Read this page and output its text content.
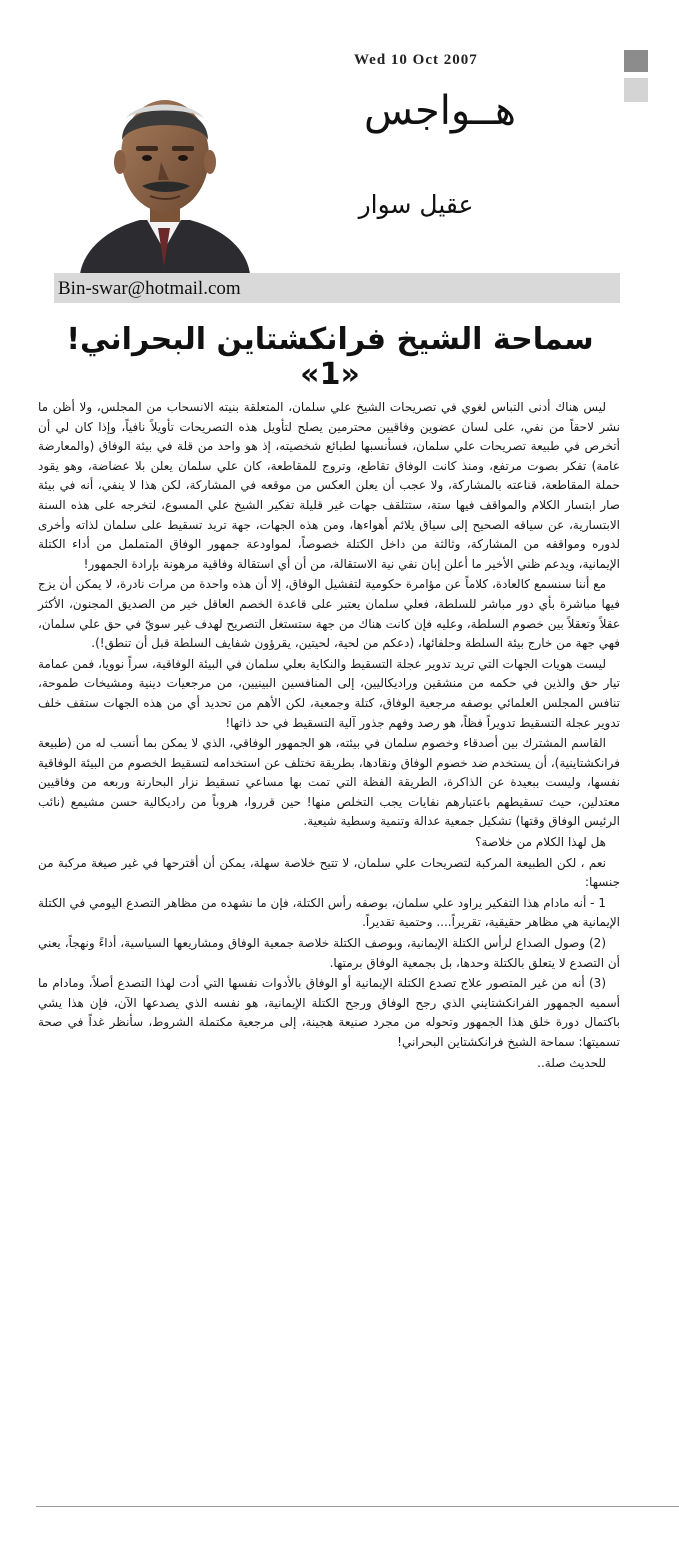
Wed 10 Oct 2007
هــواجس
عقيل سوار
Bin-swar@hotmail.com
سماحة الشيخ فرانكشتاين البحراني! «1»

ليس هناك أدنى التباس لغوي في تصريحات الشيخ علي سلمان، المتعلقة بنيته الانسحاب من المجلس، ولا أظن ما نشر لاحقاً من نفي، على لسان عضوين وفاقيين محترمين يصلح لتأويل هذه التصريحات تأويلاً نافياً، وإذا كان لي أن أتخرص في طبيعة تصريحات علي سلمان، فسأنسبها لطبائع شخصيته، إذ هو واحد من قلة في بيئة الوفاق (والمعارضة عامة) تفكر بصوت مرتفع، ومنذ كانت الوفاق تقاطع، وتروج للمقاطعة، كان علي سلمان يعلن بلا عضاضة، وهو يقود حملة المقاطعة، قناعته بالمشاركة، ولا عجب أن يعلن العكس من موقعه في المشاركة، لكن هذا لا ينفي، أنه في بيئة صار ابتسار الكلام والمواقف فيها ستة، ستتلقف جهات غير قليلة تفكير الشيخ علي المسوع، لتخرجه على هذه السنة الابتسارية، عن سياقه الصحيح إلى سياق يلائم أهواءها، ومن هذه الجهات، جهة تريد تسقيط على سلمان لذاته وأخرى لدوره ومواقفه من المشاركة، وثالثة من داخل الكتلة خصوصاً، لمواودعة جمهور الوفاق المتململ من أداء الكتلة الإيمانية، ويدعم ظني الأخير ما أعلن إبان نفي نية الاستقالة، من أن أي استقالة وفاقية مرهونة بإرادة الجمهور!

مع أننا سنسمع كالعادة، كلاماً عن مؤامرة حكومية لتفشيل الوفاق، إلا أن هذه واحدة من مرات نادرة، لا يمكن أن يزج فيها مباشرة بأي دور مباشر للسلطة، فعلي سلمان يعتبر على قاعدة الخصم العاقل خير من الصديق المجنون، الأكثر عقلاً وتعقلاً بين خصوم السلطة، وعليه فإن كانت هناك من جهة ستستغل التصريح لهدف غير سويّ في حق علي سلمان، فهي جهة من خارج بيئة السلطة وحلفائها، (دعكم من لحية، لحيتين، يقرؤون شفايف السلطة قبل أن تنطق!).

ليست هويات الجهات التي تريد تدوير عجلة التسقيط والنكاية بعلي سلمان في البيئة الوفاقية، سراً نوويا، فمن عمامة تيار حق والذين في حكمه من منشقين وراديكاليين، إلى المنافسين البينيين، من مرجعيات دينية ومشيخات طموحة، تنافس المجلس العلمائي بوصفه مرجعية الوفاق، كتلة وجمعية، لكن الأهم من تحديد أي من هذه الجهات ستقف خلف تدوير عجلة التسقيط تدويراً فظاً، هو رصد وفهم جذور آلية التسقيط في حد ذاتها!

القاسم المشترك بين أصدقاء وخصوم سلمان في بيئته، هو الجمهور الوفاقي، الذي لا يمكن بما أنسب له من (طبيعة فرانكشتاينية)، أن يستخدم ضد خصوم الوفاق ونقادها، بطريقة تختلف عن استخدامه لتسقيط الخصوم من البيئة الوفاقية نفسها، وليست ببعيدة عن الذاكرة، الطريقة الفظة التي تمت بها مساعي تسقيط نزار البحارنة وربعه من وفاقيين معتدلين، حيث تسقيطهم باعتبارهم نفايات يجب التخلص منها! حين قرروا، هروباً من راديكالية حسن مشيمع (نائب الرئيس الوفاق وقتها) تشكيل جمعية عدالة وتنمية وسطية شيعية.

هل لهذا الكلام من خلاصة؟

نعم ، لكن الطبيعة المركبة لتصريحات علي سلمان، لا تتيح خلاصة سهلة، يمكن أن أقترحها في غير صيغة مركبة من جنسها:

1 - أنه مادام هذا التفكير يراود علي سلمان، بوصفه رأس الكتلة، فإن ما نشهده من مظاهر التصدع اليومي في الكتلة الإيمانية هي مظاهر حقيقية، تقريراً.... وحتمية تقديراً.

(2) وصول الصداع لرأس الكتلة الإيمانية، وبوصف الكتلة خلاصة جمعية الوفاق ومشاريعها السياسية، أداءً ونهجاً، يعني أن التصدع لا يتعلق بالكتلة وحدها، بل بجمعية الوفاق برمتها.

(3) أنه من غير المتصور علاج تصدع الكتلة الإيمانية أو الوفاق بالأدوات نفسها التي أدت لهذا التصدع أصلاً، ومادام ما أسميه الجمهور الفرانكشتايني الذي رجح الوفاق ورجح الكتلة الإيمانية، هو نفسه الذي يصدعها الآن، فإن هذا يشي باكتمال دورة خلق هذا الجمهور وتحوله من مجرد صنيعة هجينة، إلى مرجعية مكتملة الشروط، سأنظر غداً في صحة تسميتها: سماحة الشيخ فرانكشتاين البحراني!

للحديث صلة..
